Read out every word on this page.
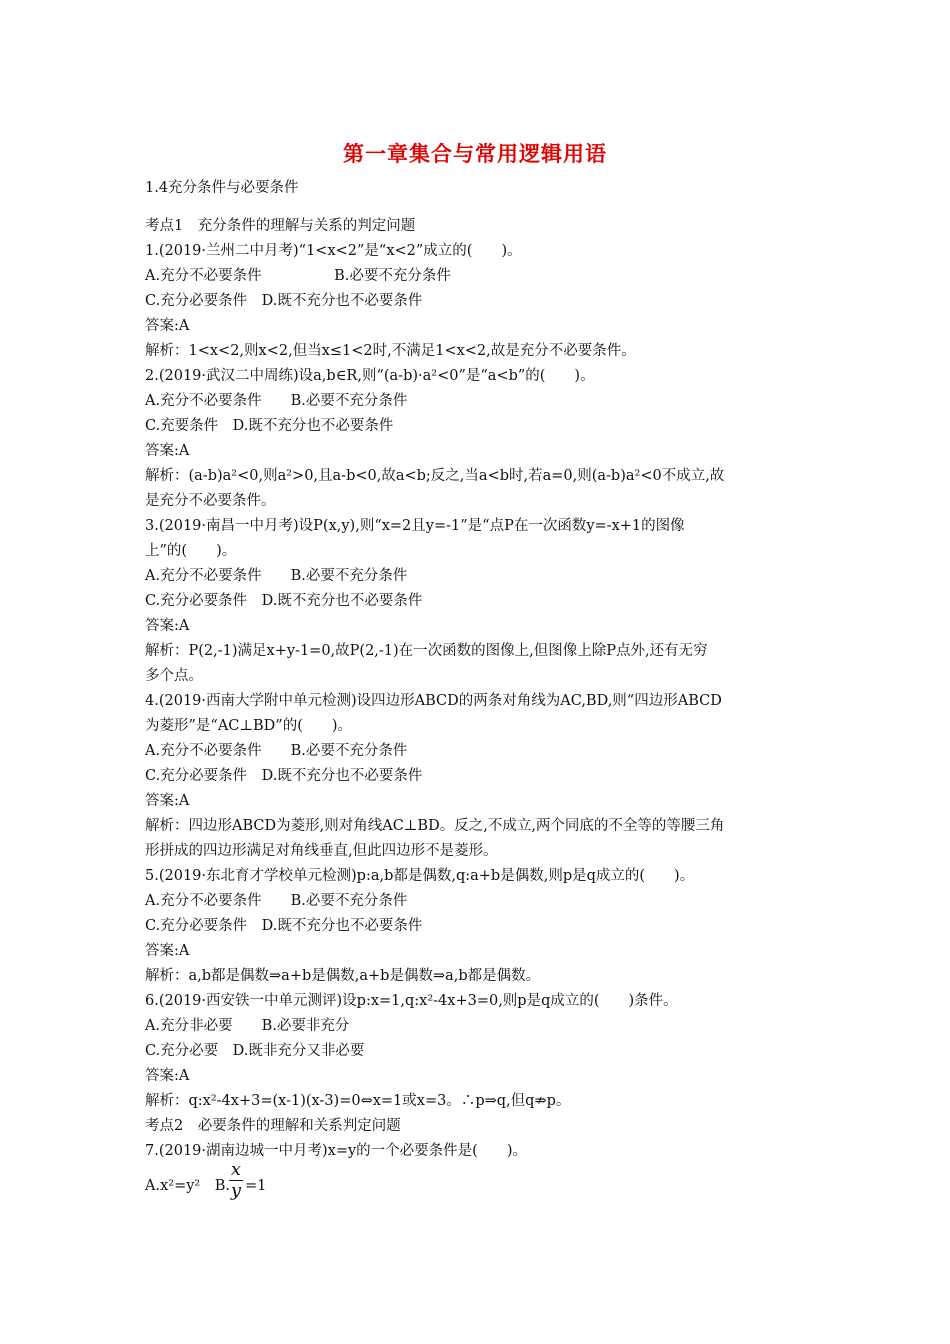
第一章集合与常用逻辑用语
1.4充分条件与必要条件
考点1　充分条件的理解与关系的判定问题
1.(2019·兰州二中月考)“1<x<2”是“x<2”成立的(　　)。
A.充分不必要条件　　　　　B.必要不充分条件
C.充分必要条件　D.既不充分也不必要条件
答案:A
解析：1<x<2,则x<2,但当x≤1<2时,不满足1<x<2,故是充分不必要条件。
2.(2019·武汉二中周练)设a,b∈R,则“(a-b)·a²<0”是“a<b”的(　　)。
A.充分不必要条件　　B.必要不充分条件
C.充要条件　D.既不充分也不必要条件
答案:A
解析：(a-b)a²<0,则a²>0,且a-b<0,故a<b;反之,当a<b时,若a=0,则(a-b)a²<0不成立,故
是充分不必要条件。
3.(2019·南昌一中月考)设P(x,y),则“x=2且y=-1”是“点P在一次函数y=-x+1的图像
上”的(　　)。
A.充分不必要条件　　B.必要不充分条件
C.充分必要条件　D.既不充分也不必要条件
答案:A
解析：P(2,-1)满足x+y-1=0,故P(2,-1)在一次函数的图像上,但图像上除P点外,还有无穷
多个点。
4.(2019·西南大学附中单元检测)设四边形ABCD的两条对角线为AC,BD,则“四边形ABCD
为菱形”是“AC⊥BD”的(　　)。
A.充分不必要条件　　B.必要不充分条件
C.充分必要条件　D.既不充分也不必要条件
答案:A
解析：四边形ABCD为菱形,则对角线AC⊥BD。反之,不成立,两个同底的不全等的等腰三角
形拼成的四边形满足对角线垂直,但此四边形不是菱形。
5.(2019·东北育才学校单元检测)p:a,b都是偶数,q:a+b是偶数,则p是q成立的(　　)。
A.充分不必要条件　　B.必要不充分条件
C.充分必要条件　D.既不充分也不必要条件
答案:A
解析：a,b都是偶数⇒a+b是偶数,a+b是偶数⇒a,b都是偶数。
6.(2019·西安铁一中单元测评)设p:x=1,q:x²-4x+3=0,则p是q成立的(　　)条件。
A.充分非必要　　B.必要非充分
C.充分必要　D.既非充分又非必要
答案:A
解析：q:x²-4x+3=(x-1)(x-3)=0⇔x=1或x=3。∴p⇒q,但q⇏p。
考点2　必要条件的理解和关系判定问题
7.(2019·湖南边城一中月考)x=y的一个必要条件是(　　)。
A.x²=y²　B.
x
y =1
